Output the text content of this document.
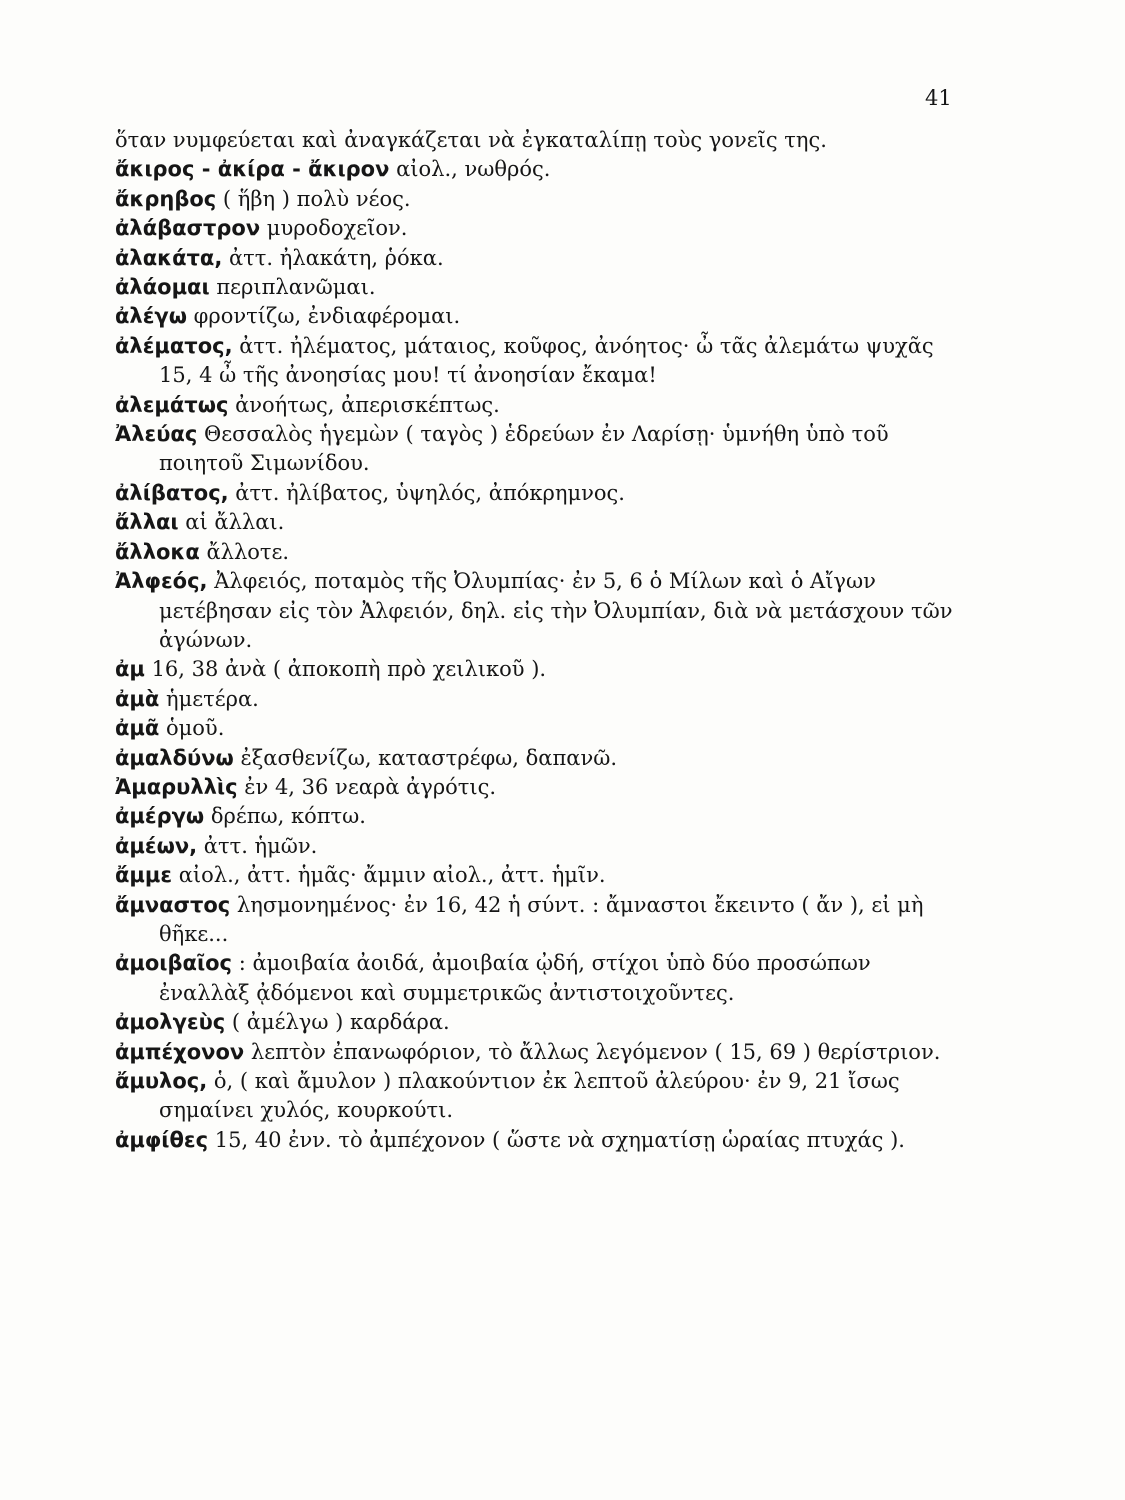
41
ὅταν νυμφεύεται καὶ ἀναγκάζεται νὰ ἐγκαταλίπῃ τοὺς γονεῖς της.
ἄκιρος - ἀκίρα - ἄκιρον αἰολ., νωθρός.
ἄκρηβος ( ἥβη ) πολὺ νέος.
ἀλάβαστρον μυροδοχεῖον.
ἀλακάτα, ἀττ. ἠλακάτη, ῥόκα.
ἀλάομαι περιπλανῶμαι.
ἀλέγω φροντίζω, ἐνδιαφέρομαι.
ἀλέματος, ἀττ. ἠλέματος, μάταιος, κοῦφος, ἀνόητος· ὦ τᾶς ἀλεμάτω ψυχᾶς 15, 4 ὦ τῆς ἀνοησίας μου! τί ἀνοησίαν ἔκαμα!
ἀλεμάτως ἀνοήτως, ἀπερισκέπτως.
Ἀλεύας Θεσσαλὸς ἡγεμὼν ( ταγὸς ) ἑδρεύων ἐν Λαρίσῃ· ὑμνήθη ὑπὸ τοῦ ποιητοῦ Σιμωνίδου.
ἀλίβατος, ἀττ. ἠλίβατος, ὑψηλός, ἀπόκρημνος.
ἄλλαι αἱ ἄλλαι.
ἄλλοκα ἄλλοτε.
Ἀλφεός, Ἀλφειός, ποταμὸς τῆς Ὀλυμπίας· ἐν 5, 6 ὁ Μίλων καὶ ὁ Αἴγων μετέβησαν εἰς τὸν Ἀλφειόν, δηλ. εἰς τὴν Ὀλυμπίαν, διὰ νὰ μετάσχουν τῶν ἀγώνων.
ἀμ 16, 38 ἀνὰ ( ἀποκοπὴ πρὸ χειλικοῦ ).
ἀμὰ ἡμετέρα.
ἀμᾶ ὁμοῦ.
ἀμαλδύνω ἐξασθενίζω, καταστρέφω, δαπανῶ.
Ἀμαρυλλὶς ἐν 4, 36 νεαρὰ ἀγρότις.
ἀμέργω δρέπω, κόπτω.
ἀμέων, ἀττ. ἡμῶν.
ἄμμε αἰολ., ἀττ. ἡμᾶς· ἄμμιν αἰολ., ἀττ. ἡμῖν.
ἄμναστος λησμονημένος· ἐν 16, 42 ἡ σύντ. : ἄμναστοι ἔκειντο ( ἄν ), εἰ μὴ θῆκε...
ἀμοιβαῖος : ἀμοιβαία ἀοιδά, ἀμοιβαία ᾠδή, στίχοι ὑπὸ δύο προσώπων ἐναλλὰξ ᾀδόμενοι καὶ συμμετρικῶς ἀντιστοιχοῦντες.
ἀμολγεὺς ( ἀμέλγω ) καρδάρα.
ἀμπέχονον λεπτὸν ἐπανωφόριον, τὸ ἄλλως λεγόμενον ( 15, 69 ) θερίστριον.
ἄμυλος, ὁ, ( καὶ ἄμυλον ) πλακούντιον ἐκ λεπτοῦ ἀλεύρου· ἐν 9, 21 ἴσως σημαίνει χυλός, κουρκούτι.
ἀμφίθες 15, 40 ἐνν. τὸ ἀμπέχονον ( ὥστε νὰ σχηματίσῃ ὡραίας πτυχάς ).
